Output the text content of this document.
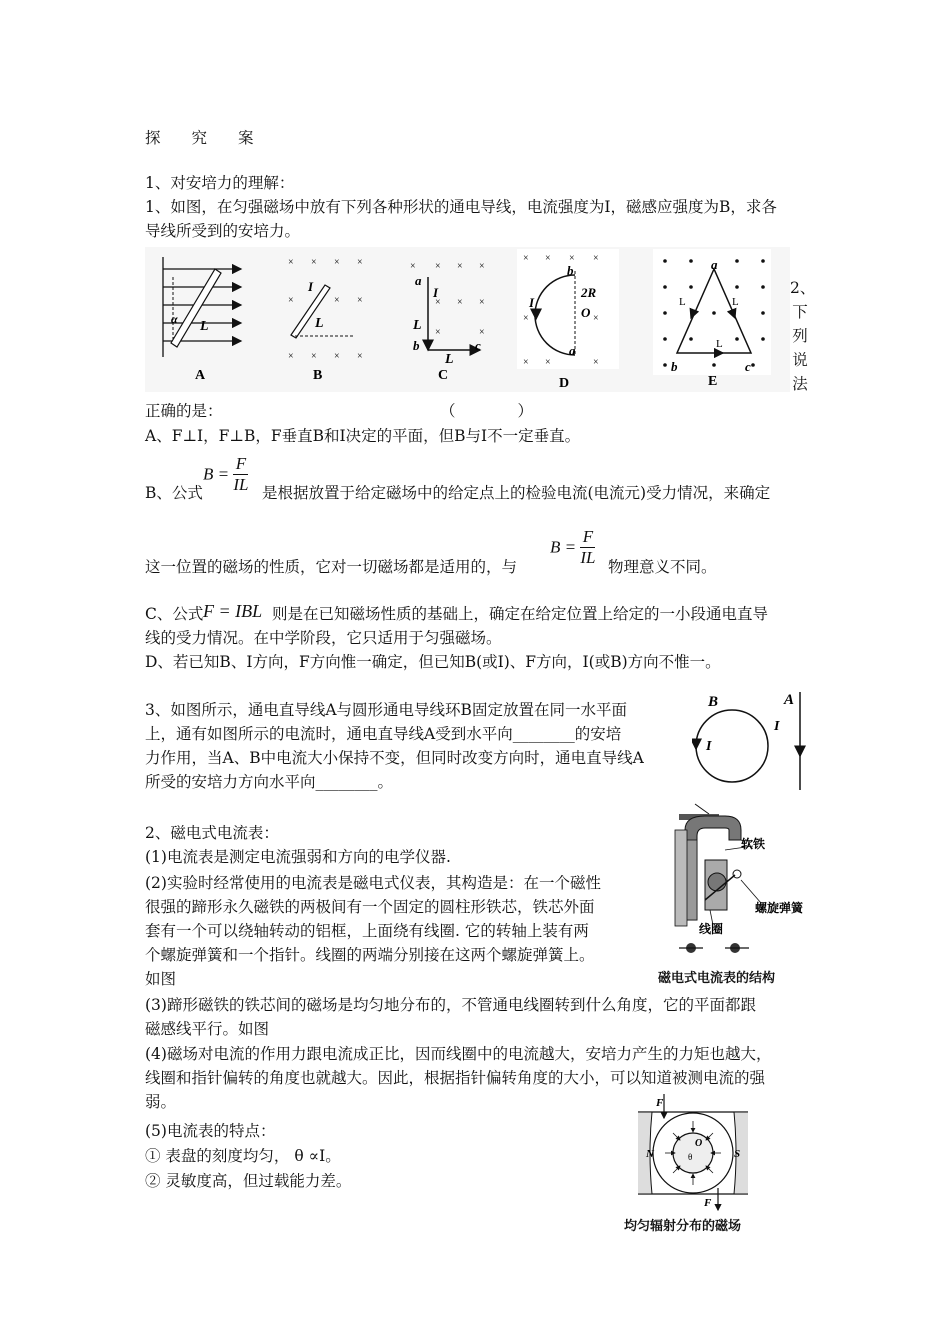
探　　究　　案
1、对安培力的理解：
1、如图，在匀强磁场中放有下列各种形状的通电导线，电流强度为I，磁感应强度为B，求各
导线所受到的安培力。
α L
A
× × × ×
×	× ×
× × × ×
I
L
B
× × × ×
× × ×
×	×
a
I
L
b
L
c
C
× × × ×
×	×
× ×	×
b
2R
O
I
a
D
a
L	L
L
b	c
E
2、
下
列
说
法
正确的是：	（　　　　）
A、F⊥I，F⊥B，F垂直B和I决定的平面，但B与I不一定垂直。
B、公式
$B = \frac{F}{IL}$ 是根据放置于给定磁场中的给定点上的检验电流(电流元)受力情况，来确定
这一位置的磁场的性质，它对一切磁场都是适用的，与
$B = \frac{F}{IL}$ 物理意义不同。
C、公式 F = IBL 则是在已知磁场性质的基础上，确定在给定位置上给定的一小段通电直导
线的受力情况。在中学阶段，它只适用于匀强磁场。
D、若已知B、I方向，F方向惟一确定，但已知B(或I)、F方向，I(或B)方向不惟一。
3、如图所示，通电直导线A与圆形通电导线环B固定放置在同一水平面
上，通有如图所示的电流时，通电直导线A受到水平向________的安培
力作用，当A、B中电流大小保持不变，但同时改变方向时，通电直导线A
所受的安培力方向水平向________。
B
I
A
I
2、磁电式电流表：
(1)电流表是测定电流强弱和方向的电学仪器.
(2)实验时经常使用的电流表是磁电式仪表，其构造是：在一个磁性
很强的蹄形永久磁铁的两极间有一个固定的圆柱形铁芯，铁芯外面
套有一个可以绕轴转动的铝框，上面绕有线圈. 它的转轴上装有两
个螺旋弹簧和一个指针。线圈的两端分别接在这两个螺旋弹簧上。
如图
软铁
螺旋弹簧
线圈
磁电式电流表的结构
(3)蹄形磁铁的铁芯间的磁场是均匀地分布的，不管通电线圈转到什么角度，它的平面都跟
磁感线平行。如图
(4)磁场对电流的作用力跟电流成正比，因而线圈中的电流越大，安培力产生的力矩也越大，
线圈和指针偏转的角度也就越大。因此，根据指针偏转角度的大小，可以知道被测电流的强
弱。
(5)电流表的特点：
① 表盘的刻度均匀， θ ∝I。
② 灵敏度高，但过载能力差。
F
F
N	S
O
θ
均匀辐射分布的磁场
